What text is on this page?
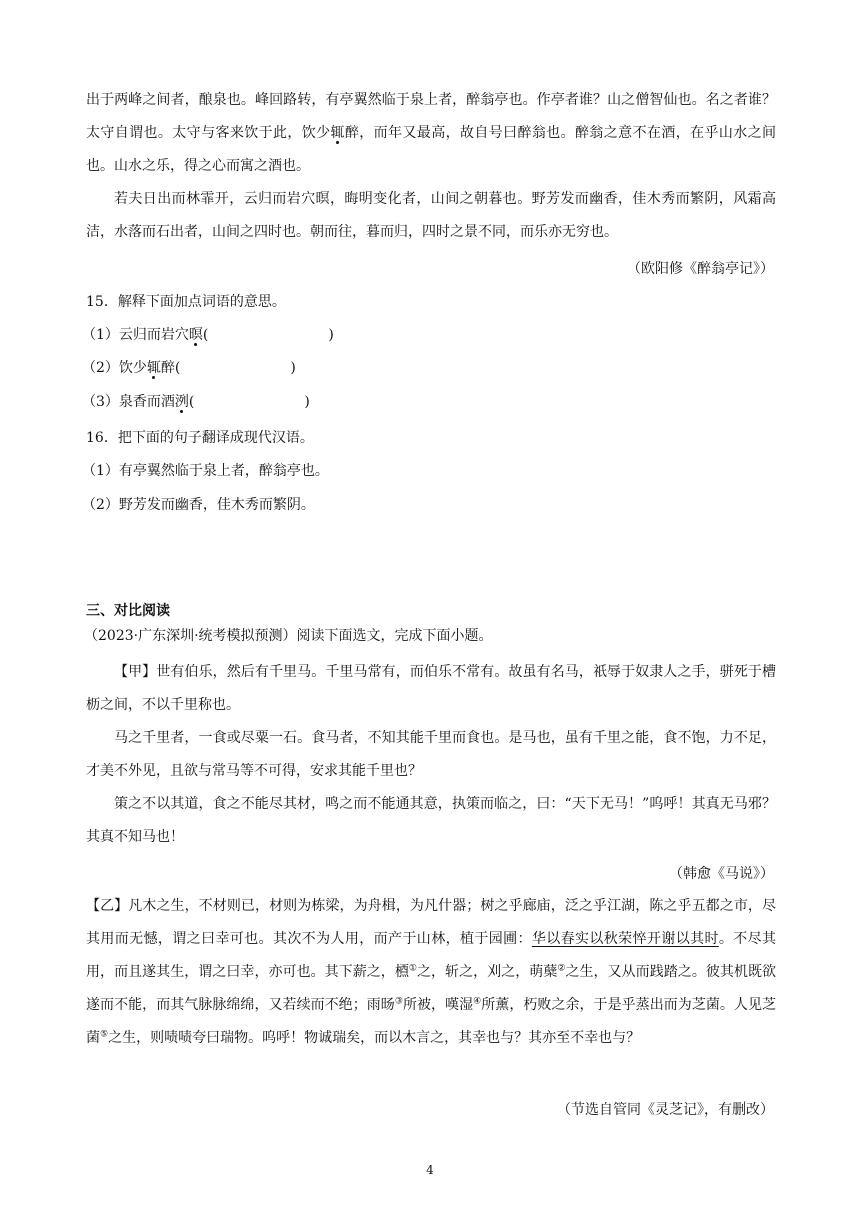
出于两峰之间者，酿泉也。峰回路转，有亭翼然临于泉上者，醉翁亭也。作亭者谁？山之僧智仙也。名之者谁？太守自谓也。太守与客来饮于此，饮少辄醉，而年又最高，故自号曰醉翁也。醉翁之意不在酒，在乎山水之间也。山水之乐，得之心而寓之酒也。

若夫日出而林霏开，云归而岩穴暝，晦明变化者，山间之朝暮也。野芳发而幽香，佳木秀而繁阴，风霜高洁，水落而石出者，山间之四时也。朝而往，暮而归，四时之景不同，而乐亦无穷也。

（欧阳修《醉翁亭记》）
15．解释下面加点词语的意思。
（1）云归而岩穴暝(	)
（2）饮少辄醉(	)
（3）泉香而酒洌(	)
16．把下面的句子翻译成现代汉语。
（1）有亭翼然临于泉上者，醉翁亭也。
（2）野芳发而幽香，佳木秀而繁阴。
三、对比阅读
（2023·广东深圳·统考模拟预测）阅读下面选文，完成下面小题。

【甲】世有伯乐，然后有千里马。千里马常有，而伯乐不常有。故虽有名马，祇辱于奴隶人之手，骈死于槽枥之间，不以千里称也。

马之千里者，一食或尽粟一石。食马者，不知其能千里而食也。是马也，虽有千里之能，食不饱，力不足，才美不外见，且欲与常马等不可得，安求其能千里也？

策之不以其道，食之不能尽其材，鸣之而不能通其意，执策而临之，曰：“天下无马！”呜呼！其真无马邪？其真不知马也！

（韩愈《马说》）

【乙】凡木之生，不材则已，材则为栋梁，为舟楫，为凡什器；树之乎廊庙，泛之乎江湖，陈之乎五都之市，尽其用而无憾，谓之曰幸可也。其次不为人用，而产于山林，植于园圃：华以春实以秋荣悴开谢以其时。不尽其用，而且遂其生，谓之曰幸，亦可也。其下薪之，槱①之，斩之，刈之，萌蘖②之生，又从而践踏之。彼其机既欲遂而不能，而其气脉脉绵绵，又若续而不绝；雨旸③所被，嘆湿④所薰，朽败之余，于是乎蒸出而为芝菌。人见芝菌⑤之生，则啧啧夸曰瑞物。呜呼！物诚瑞矣，而以木言之，其幸也与？其亦至不幸也与？

（节选自管同《灵芝记》，有删改）
4
